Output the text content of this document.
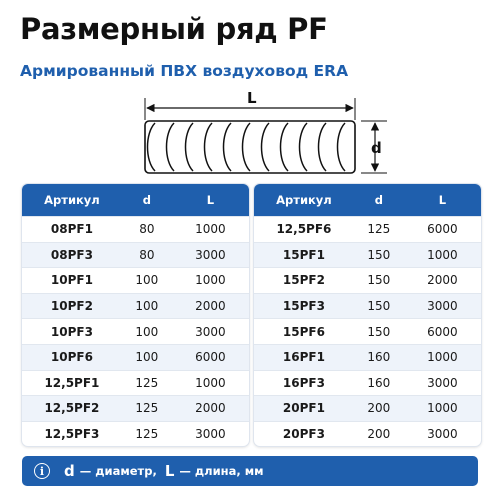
Размерный ряд PF
Армированный ПВХ воздуховод ERA
L
d
Артикул	d	L
08PF1	80	1000
08PF3	80	3000
10PF1	100	1000
10PF2	100	2000
10PF3	100	3000
10PF6	100	6000
12,5PF1	125	1000
12,5PF2	125	2000
12,5PF3	125	3000
Артикул	d	L
12,5PF6	125	6000
15PF1	150	1000
15PF2	150	2000
15PF3	150	3000
15PF6	150	6000
16PF1	160	1000
16PF3	160	3000
20PF1	200	1000
20PF3	200	3000
i	d — диаметр, L — длина, мм
